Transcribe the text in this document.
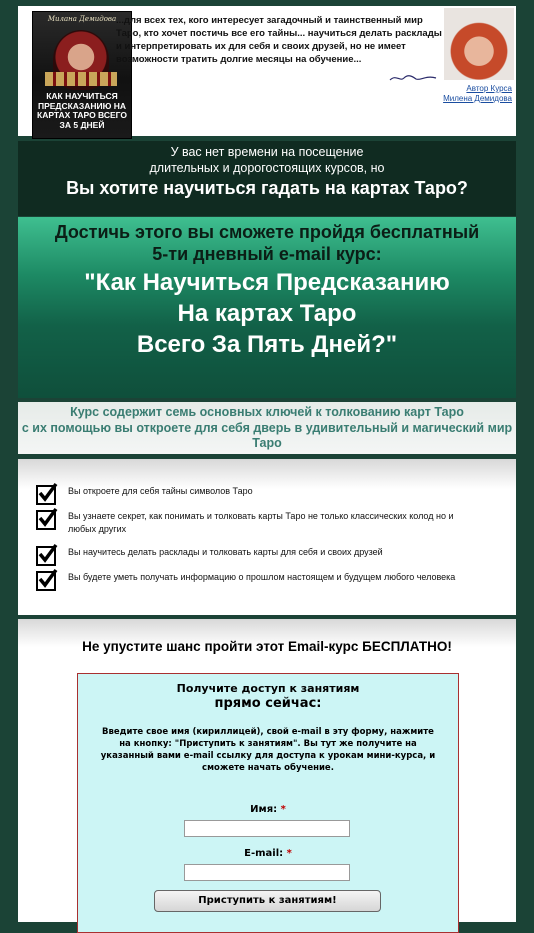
Милана Демидова
КАК НАУЧИТЬСЯ ПРЕДСКАЗАНИЮ НА КАРТАХ ТАРО ВСЕГО ЗА 5 ДНЕЙ
...для всех тех, кого интересует загадочный и таинственный мир Таро, кто хочет постичь все его тайны... научиться делать расклады и интерпретировать их для себя и своих друзей, но не имеет возможности тратить долгие месяцы на обучение...
Автор Курса
Милена Демидова
У вас нет времени на посещение
длительных и дорогостоящих курсов, но
Вы хотите научиться гадать на картах Таро?
Достичь этого вы сможете пройдя бесплатный
5-ти дневный e-mail курс:
"Как Научиться Предсказанию
На картах Таро
Всего За Пять Дней?"
Курс содержит семь основных ключей к толкованию карт Таро
с их помощью вы откроете для себя дверь в удивительный и магический мир Таро
Вы откроете для себя тайны символов Таро
Вы узнаете секрет, как понимать и толковать карты Таро не только классических колод но и любых других
Вы научитесь делать расклады и толковать карты для себя и своих друзей
Вы будете уметь получать информацию о прошлом настоящем и будущем любого человека
Не упустите шанс пройти этот Email-курс БЕСПЛАТНО!
Получите доступ к занятиям
прямо сейчас:
Введите свое имя (кириллицей), свой e-mail в эту форму, нажмите на кнопку: "Приступить к занятиям". Вы тут же получите на указанный вами e-mail ссылку для доступа к урокам мини-курса, и сможете начать обучение.
Имя: *
E-mail: *
Приступить к занятиям!
